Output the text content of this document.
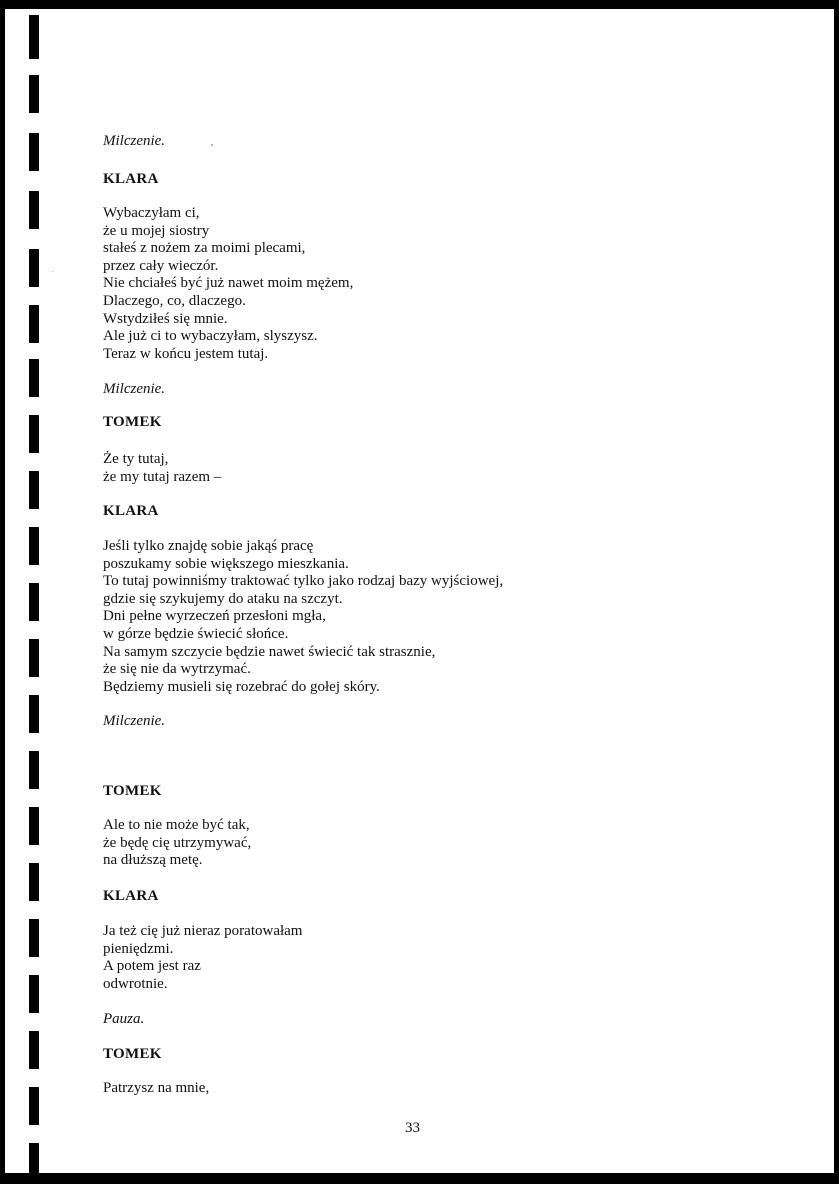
Milczenie.
KLARA
Wybaczyłam ci,
że u mojej siostry
stałeś z nożem za moimi plecami,
przez cały wieczór.
Nie chciałeś być już nawet moim mężem,
Dlaczego, co, dlaczego.
Wstydziłeś się mnie.
Ale już ci to wybaczyłam, slyszysz.
Teraz w końcu jestem tutaj.
Milczenie.
TOMEK
Że ty tutaj,
że my tutaj razem –
KLARA
Jeśli tylko znajdę sobie jakąś pracę
poszukamy sobie większego mieszkania.
To tutaj powinniśmy traktować tylko jako rodzaj bazy wyjściowej,
gdzie się szykujemy do ataku na szczyt.
Dni pełne wyrzeczeń przesłoni mgła,
w górze będzie świecić słońce.
Na samym szczycie będzie nawet świecić tak strasznie,
że się nie da wytrzymać.
Będziemy musieli się rozebrać do gołej skóry.
Milczenie.
TOMEK
Ale to nie może być tak,
że będę cię utrzymywać,
na dłuższą metę.
KLARA
Ja też cię już nieraz poratowałam
pieniędzmi.
A potem jest raz
odwrotnie.
Pauza.
TOMEK
Patrzysz na mnie,
33
